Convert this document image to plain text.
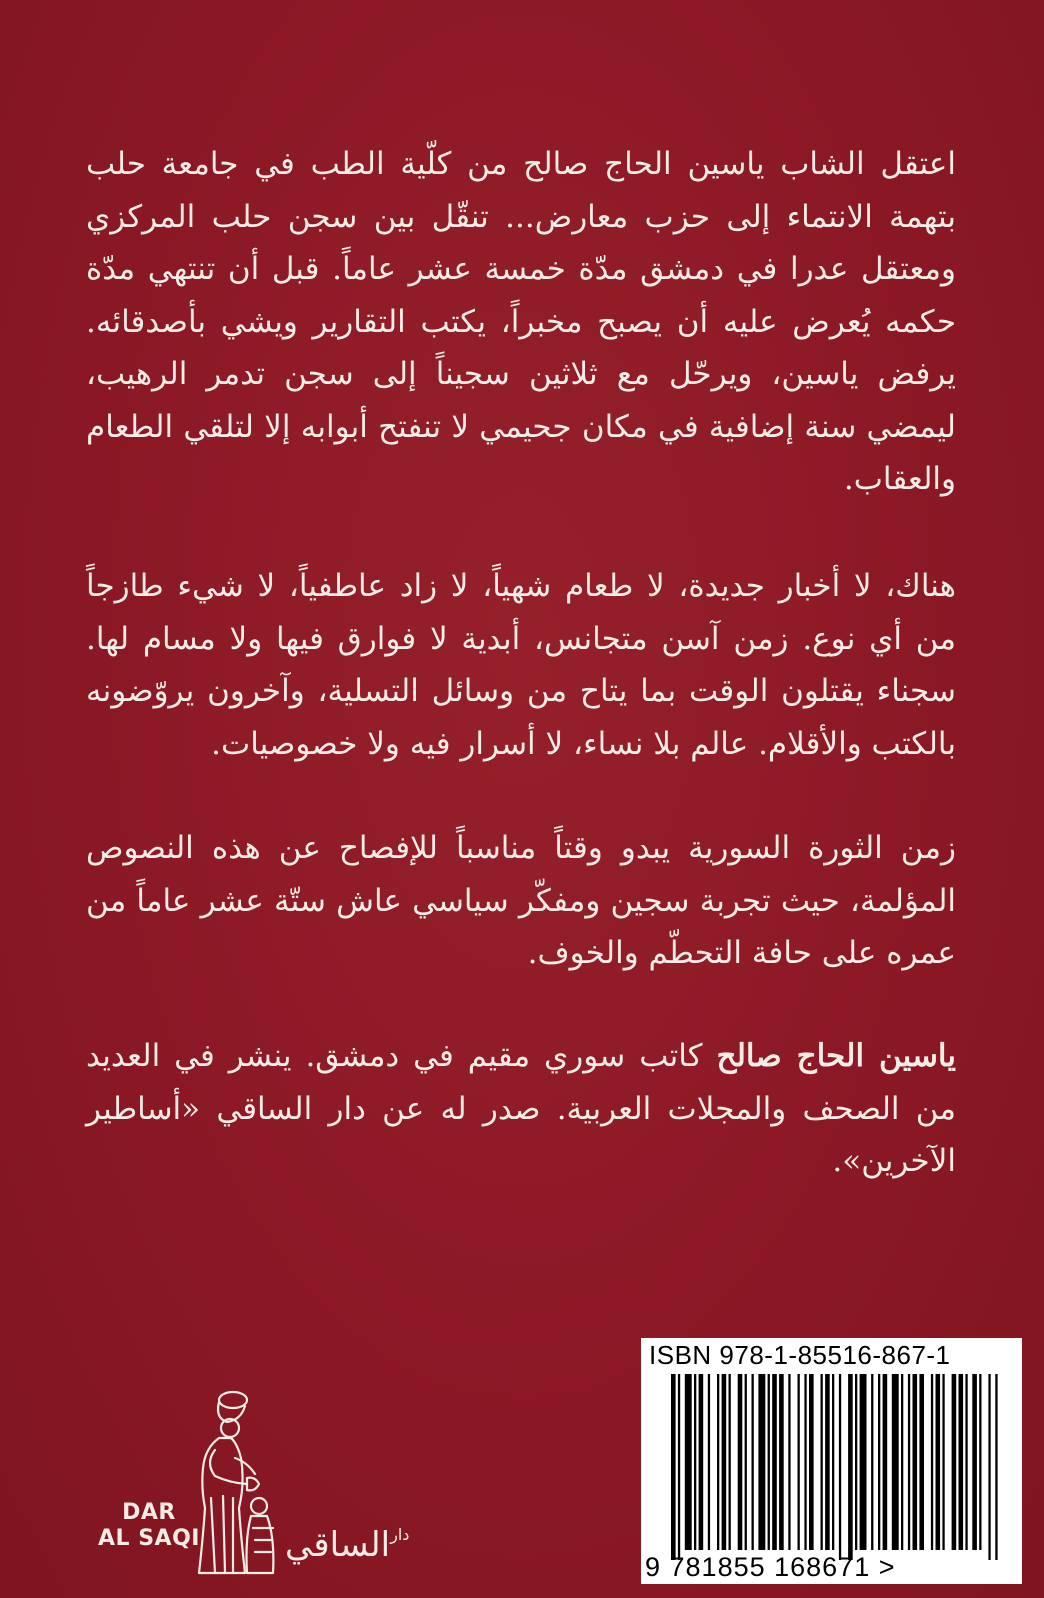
اعتقل الشاب ياسين الحاج صالح من كلّية الطب في جامعة حلب بتهمة الانتماء إلى حزب معارض... تنقّل بين سجن حلب المركزي ومعتقل عدرا في دمشق مدّة خمسة عشر عاماً. قبل أن تنتهي مدّة حكمه يُعرض عليه أن يصبح مخبراً، يكتب التقارير ويشي بأصدقائه. يرفض ياسين، ويرحّل مع ثلاثين سجيناً إلى سجن تدمر الرهيب، ليمضي سنة إضافية في مكان جحيمي لا تنفتح أبوابه إلا لتلقي الطعام والعقاب.

هناك، لا أخبار جديدة، لا طعام شهياً، لا زاد عاطفياً، لا شيء طازجاً من أي نوع. زمن آسن متجانس، أبدية لا فوارق فيها ولا مسام لها. سجناء يقتلون الوقت بما يتاح من وسائل التسلية، وآخرون يروّضونه بالكتب والأقلام. عالم بلا نساء، لا أسرار فيه ولا خصوصيات.

زمن الثورة السورية يبدو وقتاً مناسباً للإفصاح عن هذه النصوص المؤلمة، حيث تجربة سجين ومفكّر سياسي عاش ستّة عشر عاماً من عمره على حافة التحطّم والخوف.

ياسين الحاج صالح كاتب سوري مقيم في دمشق. ينشر في العديد من الصحف والمجلات العربية. صدر له عن دار الساقي «أساطير الآخرين».

DAR
AL SAQI	$^{دار}$الساقي
ISBN 978-1-85516-867-1
9 781855 168671 >
